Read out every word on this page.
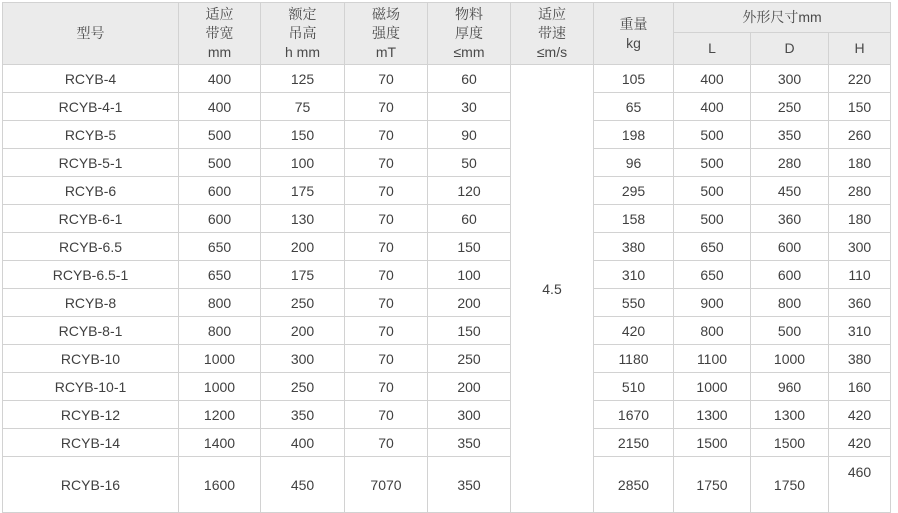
型号	适应
带宽
mm	额定
吊高
h mm	磁场
强度
mT	物料
厚度
≤mm	适应
带速
≤m/s	重量
kg	外形尺寸mm		
							L	D	H
RCYB-4	400	125	70	60	4.5	105	400	300	220
RCYB-4-1	400	75	70	30		65	400	250	150
RCYB-5	500	150	70	90		198	500	350	260
RCYB-5-1	500	100	70	50		96	500	280	180
RCYB-6	600	175	70	120		295	500	450	280
RCYB-6-1	600	130	70	60		158	500	360	180
RCYB-6.5	650	200	70	150		380	650	600	300
RCYB-6.5-1	650	175	70	100		310	650	600	110
RCYB-8	800	250	70	200		550	900	800	360
RCYB-8-1	800	200	70	150		420	800	500	310
RCYB-10	1000	300	70	250		1180	1100	1000	380
RCYB-10-1	1000	250	70	200		510	1000	960	160
RCYB-12	1200	350	70	300		1670	1300	1300	420
RCYB-14	1400	400	70	350		2150	1500	1500	420
RCYB-16	1600	450	7070	350		2850	1750	1750	460
